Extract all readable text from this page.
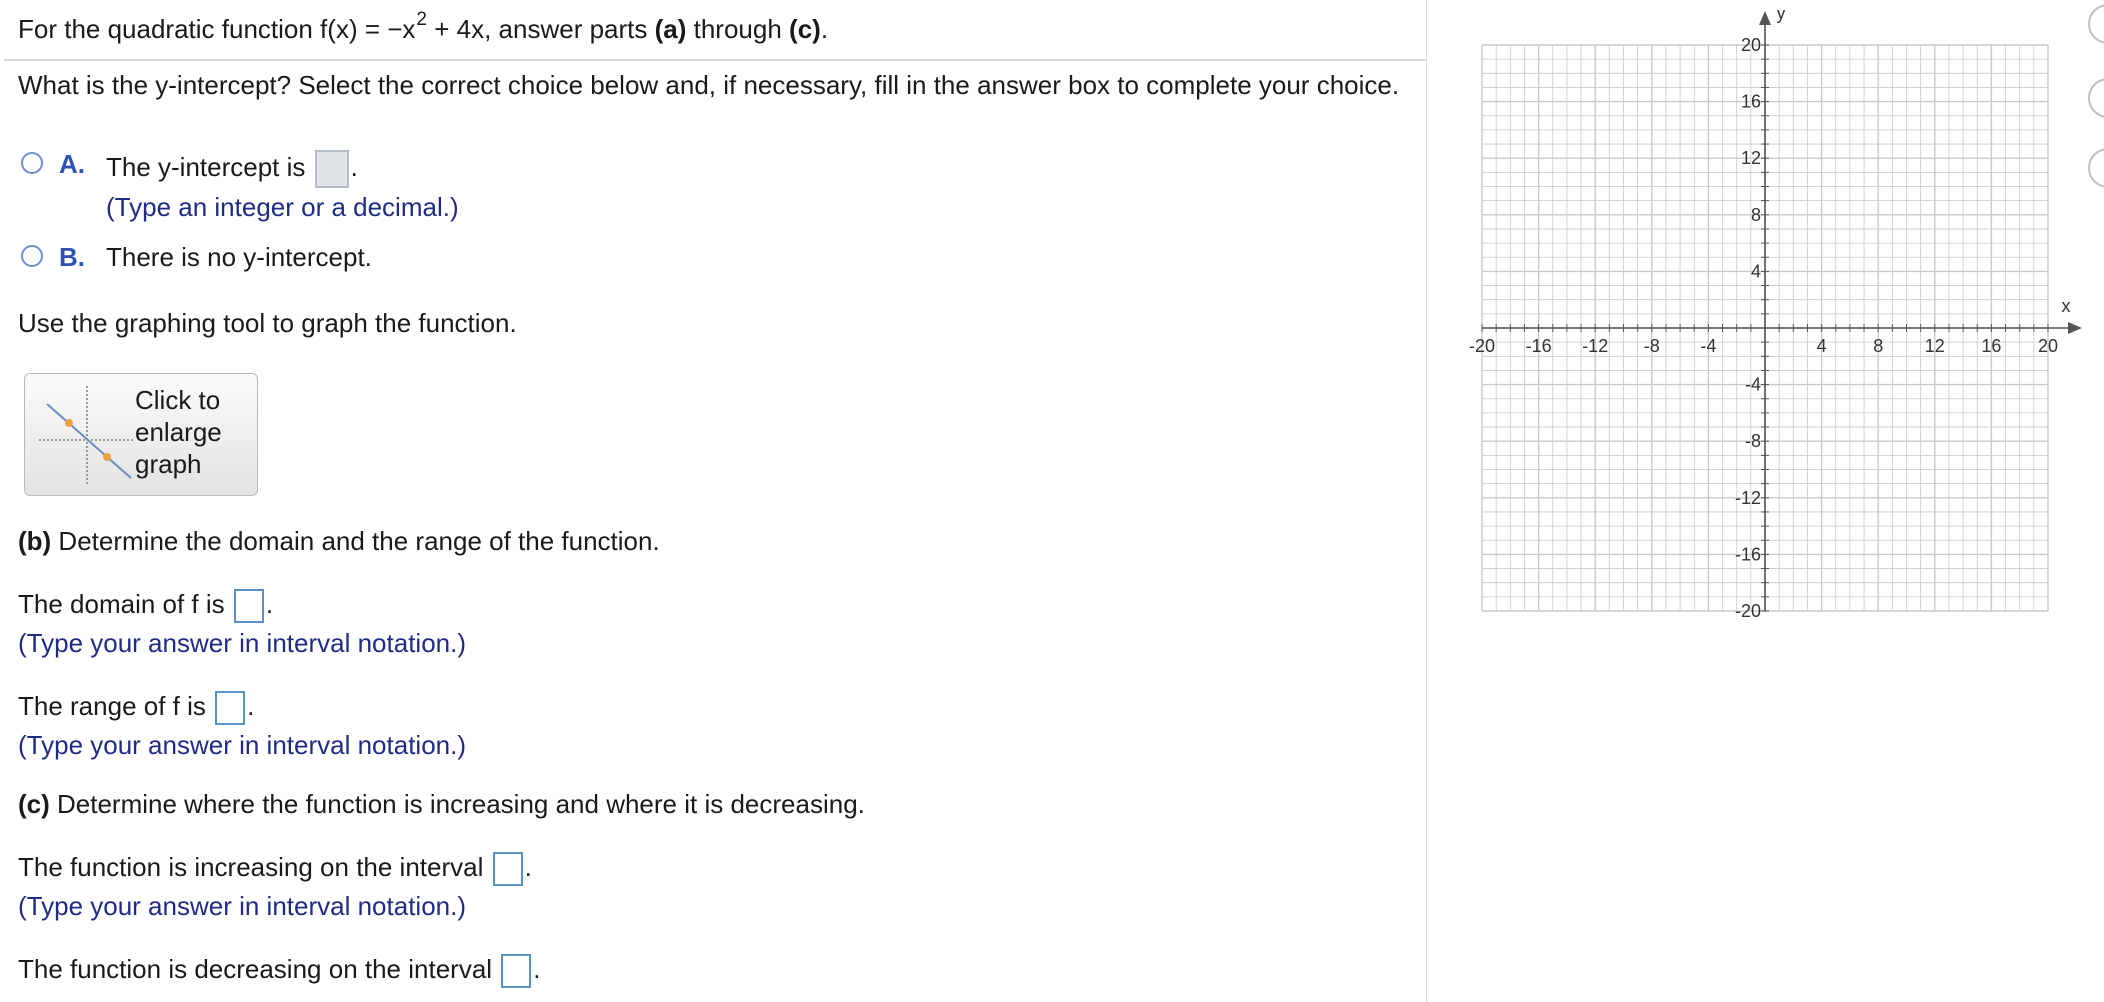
For the quadratic function $f(x) = -x^2 + 4x$, answer parts (a) through (c).
What is the y-intercept? Select the correct choice below and, if necessary, fill in the answer box to complete your choice.
A. The y-intercept is .
(Type an integer or a decimal.)
B. There is no y-intercept.
Use the graphing tool to graph the function.
Click to enlarge graph
(b) Determine the domain and the range of the function.
The domain of f is .
(Type your answer in interval notation.)
The range of f is .
(Type your answer in interval notation.)
(c) Determine where the function is increasing and where it is decreasing.
The function is increasing on the interval .
(Type your answer in interval notation.)
The function is decreasing on the interval .
-20 -16 -12 -8 -4	4	8 12 16 20
20
16
12
8
4
-4
-8
-12
-16
-20
x
y
